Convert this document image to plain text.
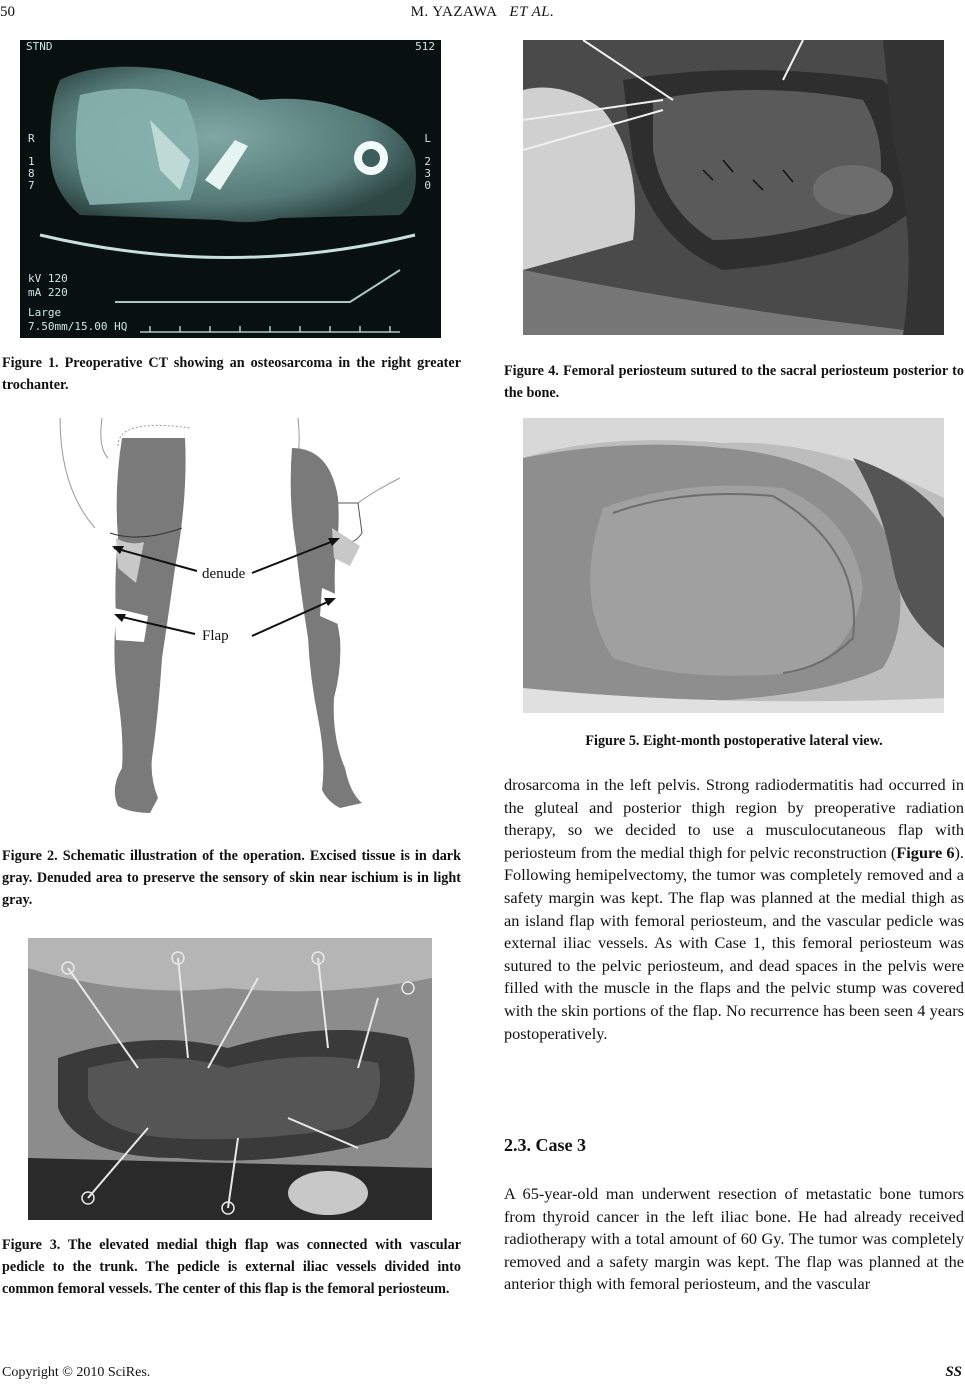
50	M. YAZAWA ET AL.
STND	512
R
1
8
7
L
2
3
0
kV 120
mA 220
Large
7.50mm/15.00 HQ
Figure 1. Preoperative CT showing an osteosarcoma in the right greater trochanter.
denude
Flap
Figure 2. Schematic illustration of the operation. Excised tissue is in dark gray. Denuded area to preserve the sensory of skin near ischium is in light gray.
Figure 3. The elevated medial thigh flap was connected with vascular pedicle to the trunk. The pedicle is external iliac vessels divided into common femoral vessels. The center of this flap is the femoral periosteum.
Figure 4. Femoral periosteum sutured to the sacral periosteum posterior to the bone.
Figure 5. Eight-month postoperative lateral view.
drosarcoma in the left pelvis. Strong radiodermatitis had occurred in the gluteal and posterior thigh region by preoperative radiation therapy, so we decided to use a musculocutaneous flap with periosteum from the medial thigh for pelvic reconstruction (Figure 6). Following hemipelvectomy, the tumor was completely removed and a safety margin was kept. The flap was planned at the medial thigh as an island flap with femoral periosteum, and the vascular pedicle was external iliac vessels. As with Case 1, this femoral periosteum was sutured to the pelvic periosteum, and dead spaces in the pelvis were filled with the muscle in the flaps and the pelvic stump was covered with the skin portions of the flap. No recurrence has been seen 4 years postoperatively.
2.3. Case 3
A 65-year-old man underwent resection of metastatic bone tumors from thyroid cancer in the left iliac bone. He had already received radiotherapy with a total amount of 60 Gy. The tumor was completely removed and a safety margin was kept. The flap was planned at the anterior thigh with femoral periosteum, and the vascular
Copyright © 2010 SciRes.	SS
